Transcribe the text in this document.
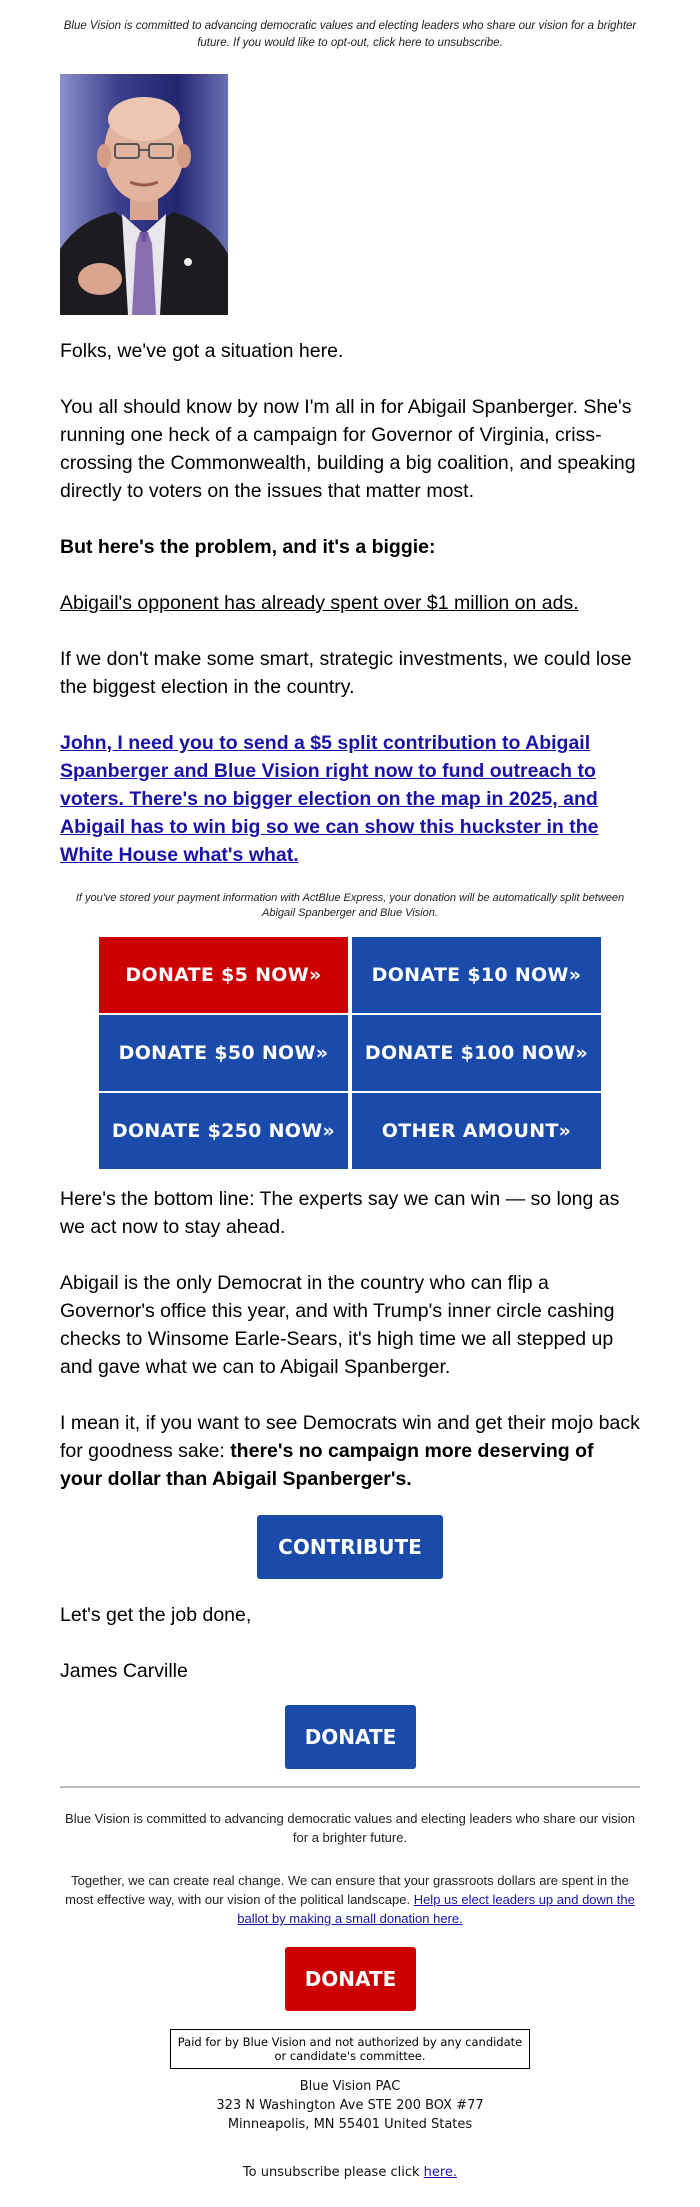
Blue Vision is committed to advancing democratic values and electing leaders who share our vision for a brighter future. If you would like to opt-out, click here to unsubscribe.

Folks, we've got a situation here.

You all should know by now I'm all in for Abigail Spanberger. She's running one heck of a campaign for Governor of Virginia, criss-crossing the Commonwealth, building a big coalition, and speaking directly to voters on the issues that matter most.

But here's the problem, and it's a biggie:

Abigail's opponent has already spent over $1 million on ads.

If we don't make some smart, strategic investments, we could lose the biggest election in the country.

John, I need you to send a $5 split contribution to Abigail Spanberger and Blue Vision right now to fund outreach to voters. There's no bigger election on the map in 2025, and Abigail has to win big so we can show this huckster in the White House what's what.

If you've stored your payment information with ActBlue Express, your donation will be automatically split between Abigail Spanberger and Blue Vision.
DONATE $5 NOW»	DONATE $10 NOW»
DONATE $50 NOW»	DONATE $100 NOW»
DONATE $250 NOW»	OTHER AMOUNT»

Here's the bottom line: The experts say we can win — so long as we act now to stay ahead.

Abigail is the only Democrat in the country who can flip a Governor's office this year, and with Trump's inner circle cashing checks to Winsome Earle-Sears, it's high time we all stepped up and gave what we can to Abigail Spanberger.

I mean it, if you want to see Democrats win and get their mojo back for goodness sake: there's no campaign more deserving of your dollar than Abigail Spanberger's.

CONTRIBUTE

Let's get the job done,

James Carville

DONATE
Blue Vision is committed to advancing democratic values and electing leaders who share our vision for a brighter future.
Together, we can create real change. We can ensure that your grassroots dollars are spent in the most effective way, with our vision of the political landscape. Help us elect leaders up and down the ballot by making a small donation here.
DONATE
Paid for by Blue Vision and not authorized by any candidate or candidate's committee.
Blue Vision PAC
323 N Washington Ave STE 200 BOX #77
Minneapolis, MN 55401 United States
To unsubscribe please click here.
